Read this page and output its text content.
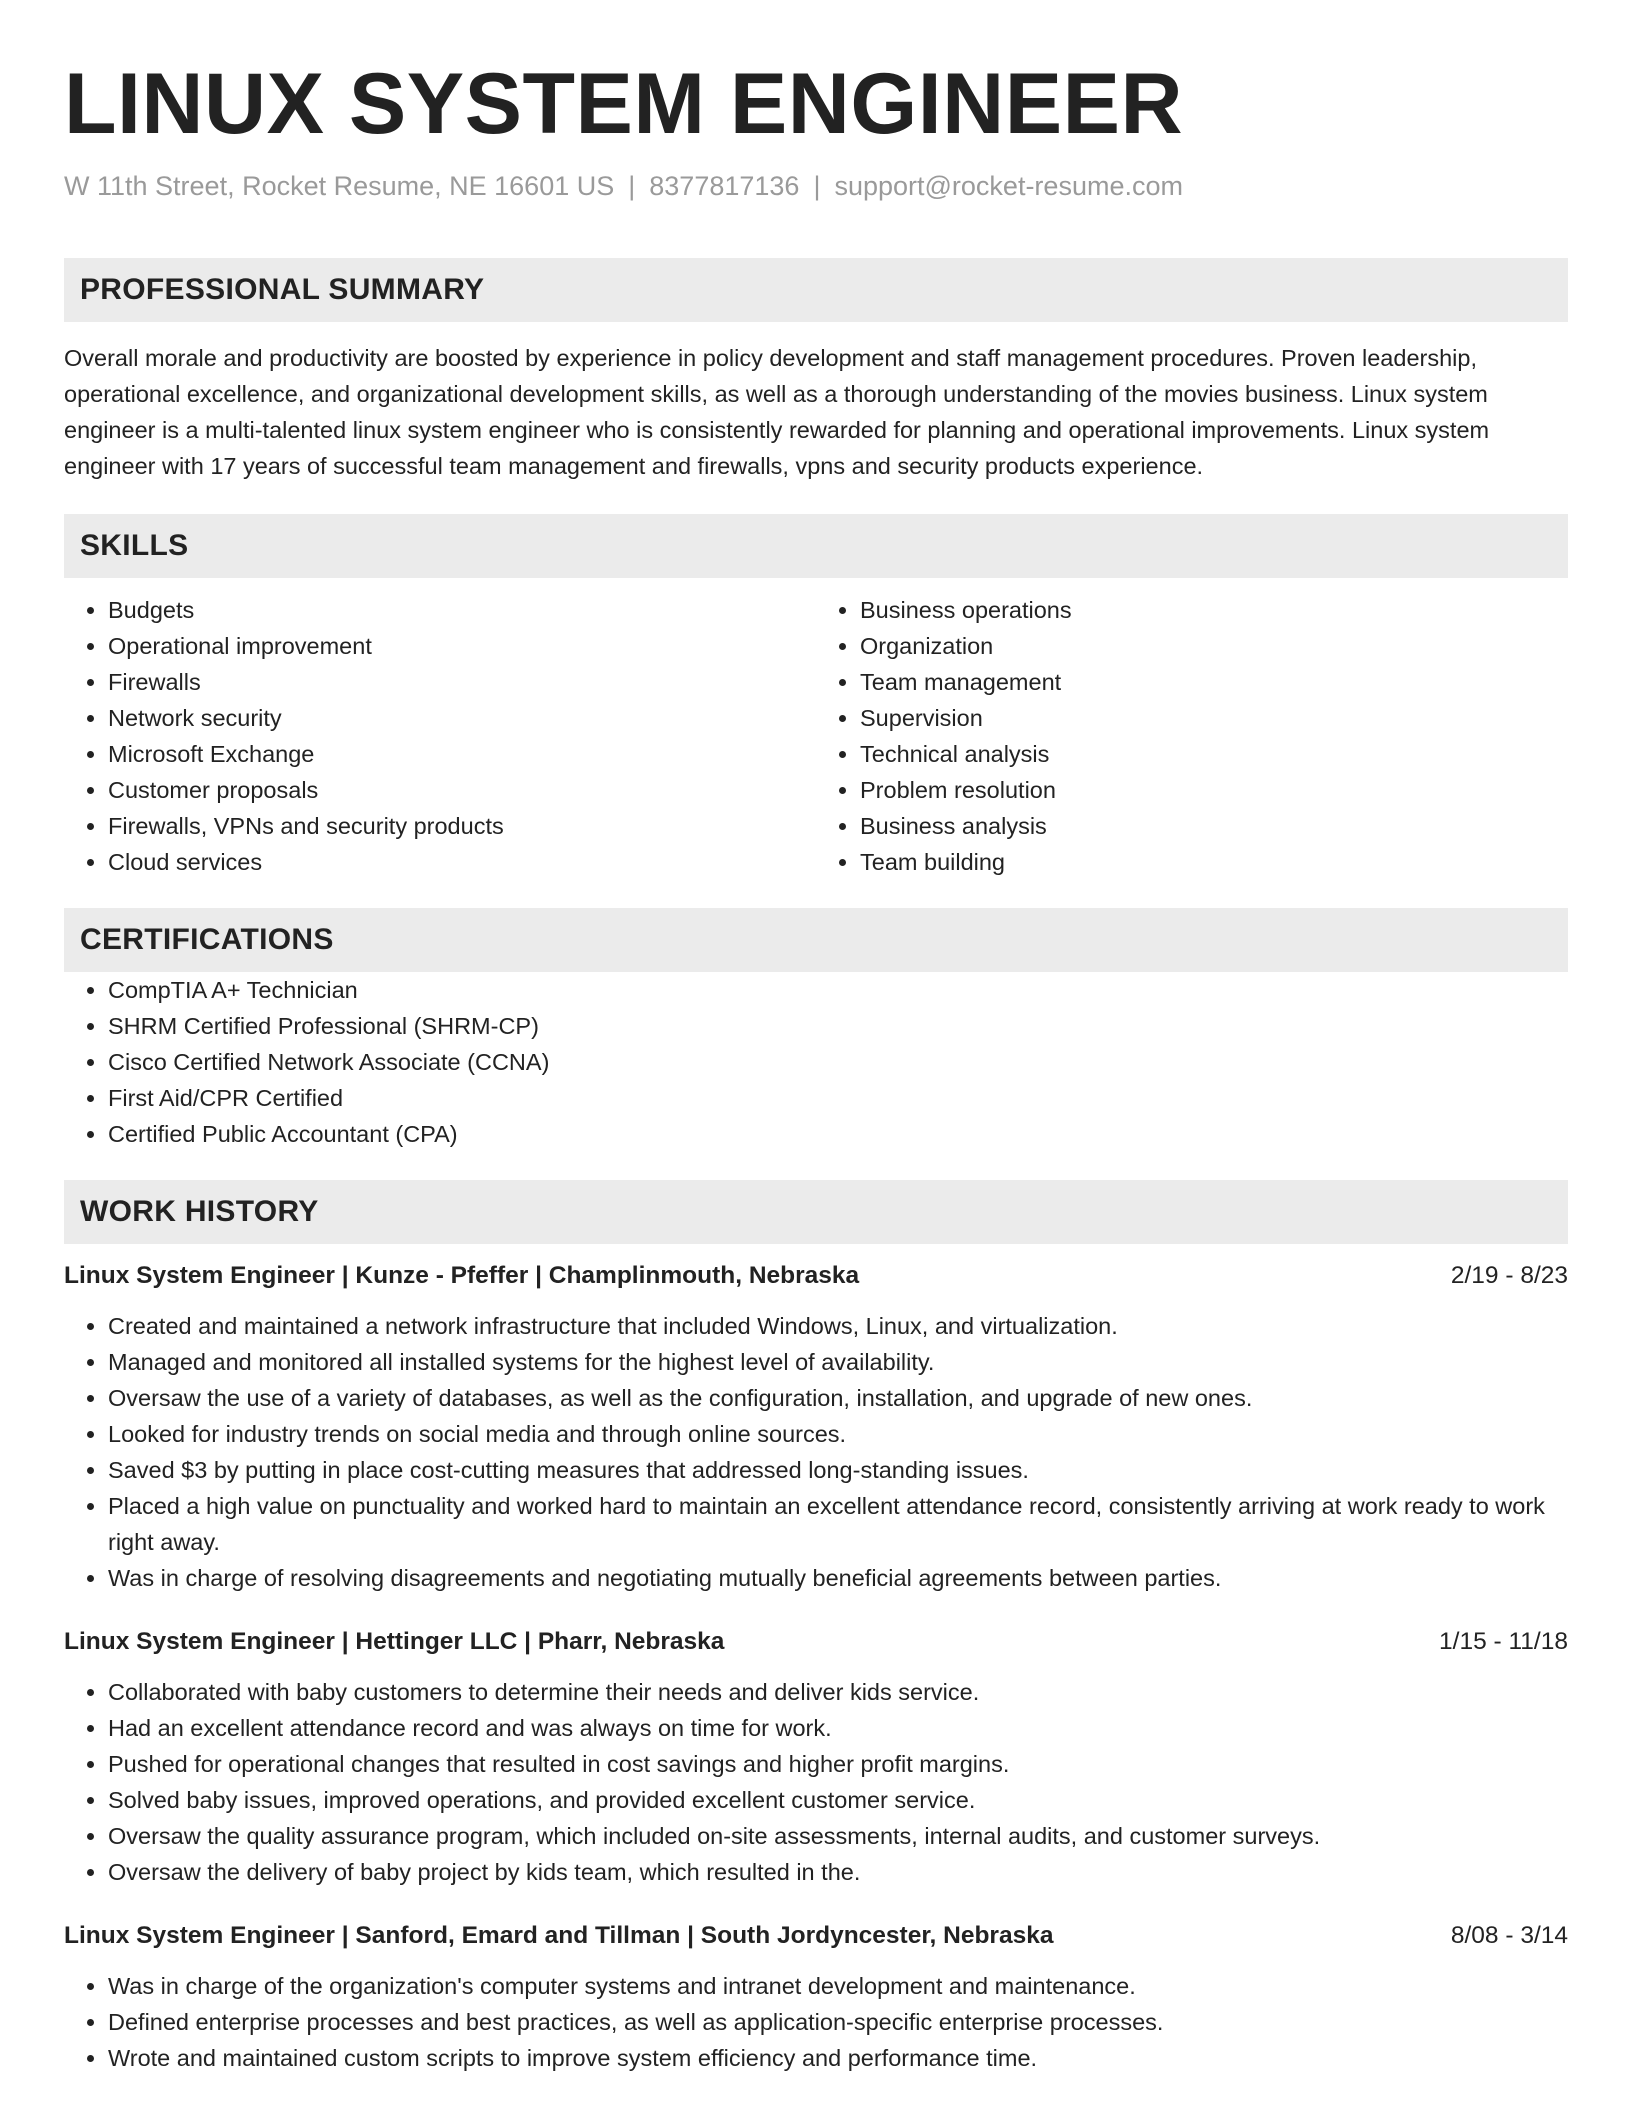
LINUX SYSTEM ENGINEER
W 11th Street, Rocket Resume, NE 16601 US | 8377817136 | support@rocket-resume.com
PROFESSIONAL SUMMARY

Overall morale and productivity are boosted by experience in policy development and staff management procedures. Proven leadership, operational excellence, and organizational development skills, as well as a thorough understanding of the movies business. Linux system engineer is a multi-talented linux system engineer who is consistently rewarded for planning and operational improvements. Linux system engineer with 17 years of successful team management and firewalls, vpns and security products experience.

SKILLS
• Budgets
• Operational improvement
• Firewalls
• Network security
• Microsoft Exchange
• Customer proposals
• Firewalls, VPNs and security products
• Cloud services
• Business operations
• Organization
• Team management
• Supervision
• Technical analysis
• Problem resolution
• Business analysis
• Team building
CERTIFICATIONS
• CompTIA A+ Technician
• SHRM Certified Professional (SHRM-CP)
• Cisco Certified Network Associate (CCNA)
• First Aid/CPR Certified
• Certified Public Accountant (CPA)
WORK HISTORY
Linux System Engineer | Kunze - Pfeffer | Champlinmouth, Nebraska	2/19 - 8/23
• Created and maintained a network infrastructure that included Windows, Linux, and virtualization.
• Managed and monitored all installed systems for the highest level of availability.
• Oversaw the use of a variety of databases, as well as the configuration, installation, and upgrade of new ones.
• Looked for industry trends on social media and through online sources.
• Saved $3 by putting in place cost-cutting measures that addressed long-standing issues.
• Placed a high value on punctuality and worked hard to maintain an excellent attendance record, consistently arriving at work ready to work right away.
• Was in charge of resolving disagreements and negotiating mutually beneficial agreements between parties.
Linux System Engineer | Hettinger LLC | Pharr, Nebraska	1/15 - 11/18
• Collaborated with baby customers to determine their needs and deliver kids service.
• Had an excellent attendance record and was always on time for work.
• Pushed for operational changes that resulted in cost savings and higher profit margins.
• Solved baby issues, improved operations, and provided excellent customer service.
• Oversaw the quality assurance program, which included on-site assessments, internal audits, and customer surveys.
• Oversaw the delivery of baby project by kids team, which resulted in the.
Linux System Engineer | Sanford, Emard and Tillman | South Jordyncester, Nebraska	8/08 - 3/14
• Was in charge of the organization's computer systems and intranet development and maintenance.
• Defined enterprise processes and best practices, as well as application-specific enterprise processes.
• Wrote and maintained custom scripts to improve system efficiency and performance time.
